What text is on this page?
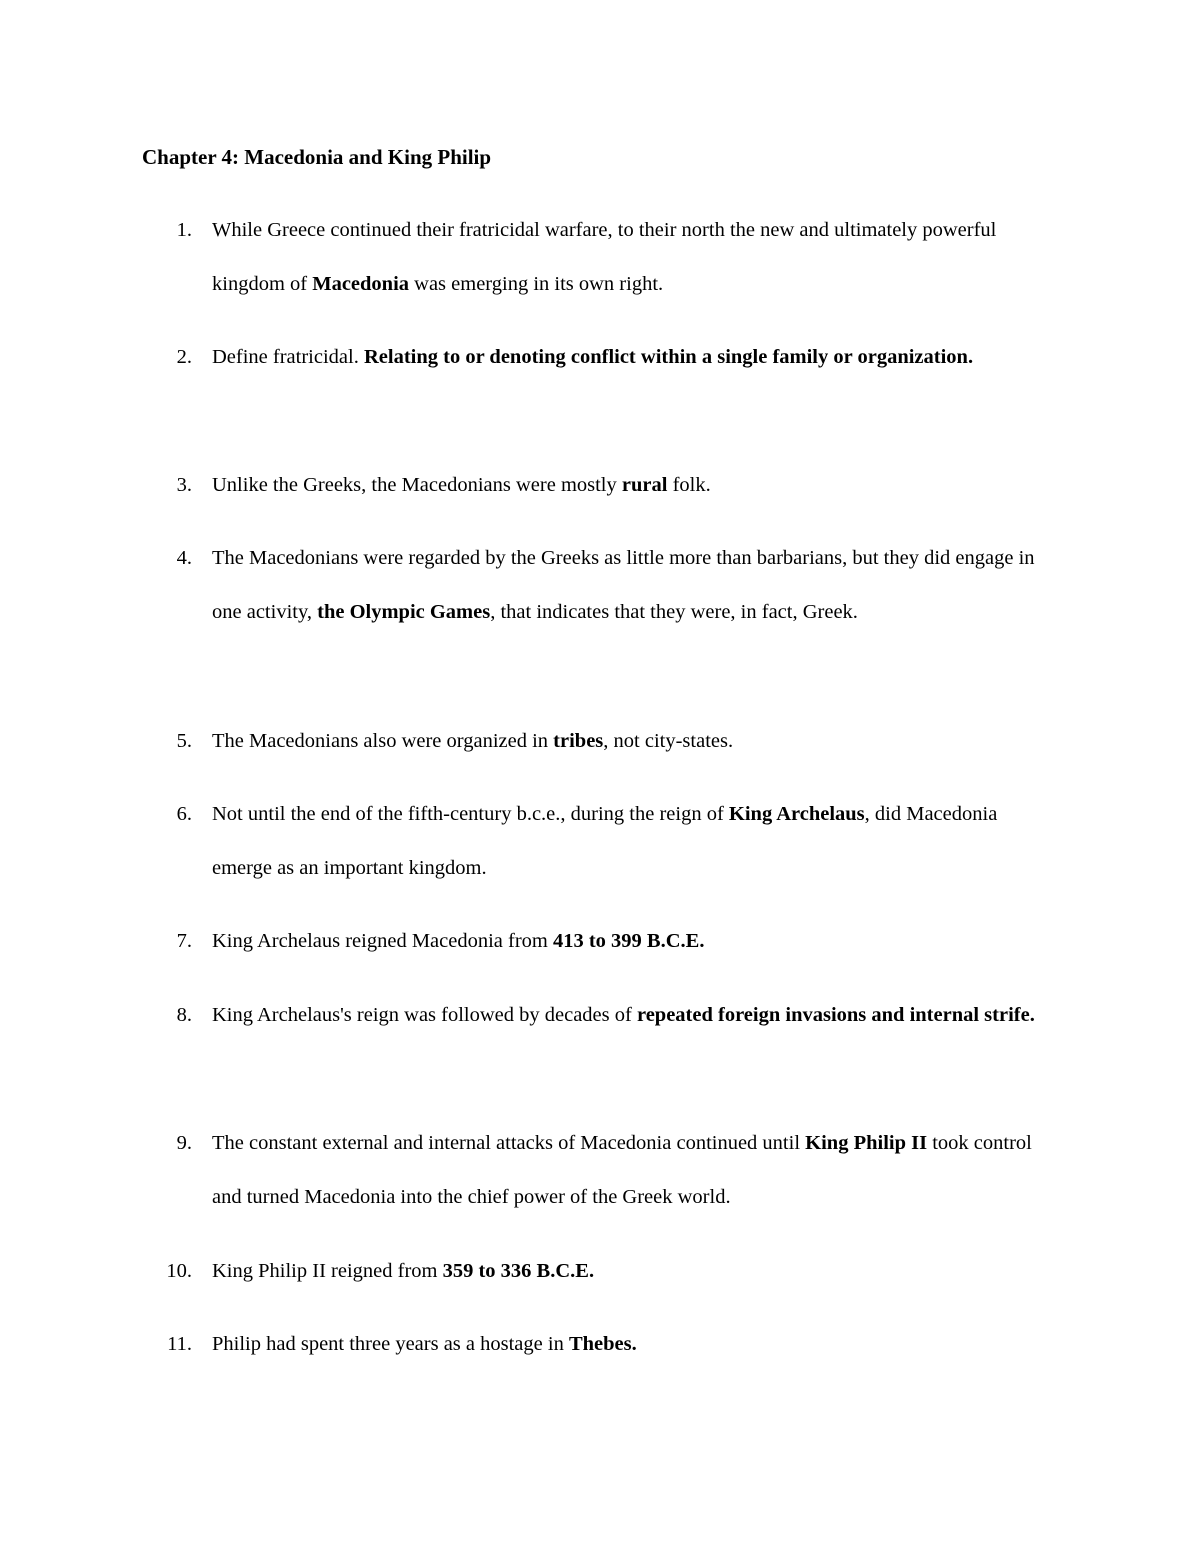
Chapter 4: Macedonia and King Philip
1. While Greece continued their fratricidal warfare, to their north the new and ultimately powerful kingdom of Macedonia was emerging in its own right.
2. Define fratricidal. Relating to or denoting conflict within a single family or organization.
3. Unlike the Greeks, the Macedonians were mostly rural folk.
4. The Macedonians were regarded by the Greeks as little more than barbarians, but they did engage in one activity, the Olympic Games, that indicates that they were, in fact, Greek.
5. The Macedonians also were organized in tribes, not city-states.
6. Not until the end of the fifth-century b.c.e., during the reign of King Archelaus, did Macedonia emerge as an important kingdom.
7. King Archelaus reigned Macedonia from 413 to 399 B.C.E.
8. King Archelaus's reign was followed by decades of repeated foreign invasions and internal strife.
9. The constant external and internal attacks of Macedonia continued until King Philip II took control and turned Macedonia into the chief power of the Greek world.
10. King Philip II reigned from 359 to 336 B.C.E.
11. Philip had spent three years as a hostage in Thebes.
